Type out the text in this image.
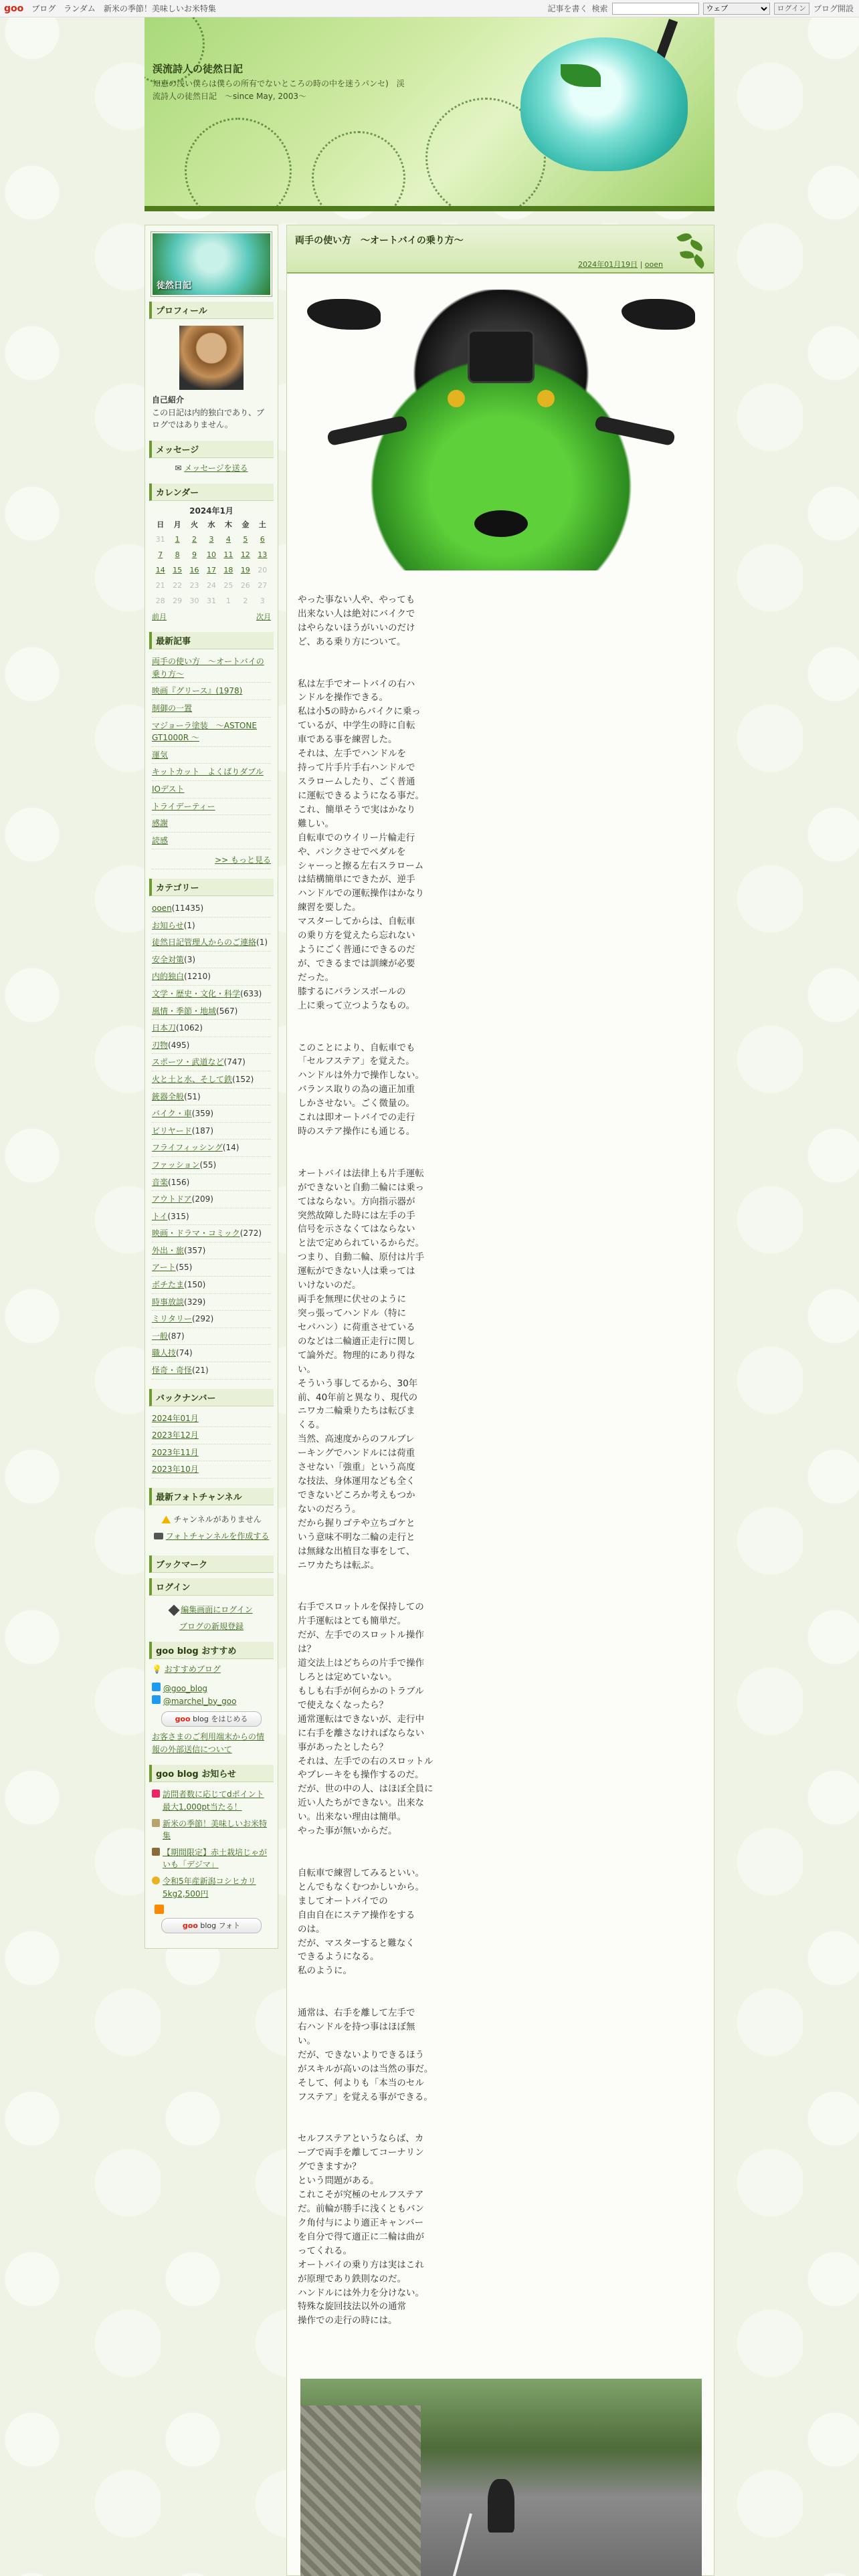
goo ブログ ランダム 新米の季節！美味しいお米特集	記事を書く 検索
ウェブ	ログイン ブログ開設
渓流詩人の徒然日記

知恵の浅い僕らは僕らの所有でないところの時の中を迷うパンセ)　渓流詩人の徒然日記　～since May, 2003～

徒然日記
プロフィール
自己紹介
この日記は内的独白であり、ブログではありません。
メッセージ
✉ メッセージを送る
カレンダー
2024年1月
日	月	火	水	木	金	土
31	1	2	3	4	5	6
7	8	9	10	11	12	13
14	15	16	17	18	19	20
21	22	23	24	25	26	27
28	29	30	31	1	2	3
前月	次月
最新記事
両手の使い方　～オートバイの乗り方～
映画『グリース』(1978)
制御の一置
マジョーラ塗装　～ASTONE GT1000R ～
運気
キットカット　よくばりダブル
IOデスト
トライデーティー
感謝
読感
>> もっと見る
カテゴリー
ooen(11435)
お知らせ(1)
徒然日記管理人からのご連絡(1)
安全対策(3)
内的独白(1210)
文学・歴史・文化・科学(633)
風情・季節・地域(567)
日本刀(1062)
刃物(495)
スポーツ・武道など(747)
火と土と水、そして鉄(152)
銃器全般(51)
バイク・車(359)
ビリヤード(187)
フライフィッシング(14)
ファッション(55)
音楽(156)
アウトドア(209)
トイ(315)
映画・ドラマ・コミック(272)
外出・旅(357)
アート(55)
ボチたま(150)
時事放談(329)
ミリタリー(292)
一般(87)
職人技(74)
怪奇・奇怪(21)
バックナンバー
2024年01月
2023年12月
2023年11月
2023年10月
最新フォトチャンネル
チャンネルがありません
フォトチャンネルを作成する
ブックマーク
ログイン
編集画面にログイン
ブログの新規登録
goo blog おすすめ
💡 おすすめブログ
@goo_blog
@marchel_by_goo
goo blog をはじめる
お客さまのご利用端末からの情報の外部送信について
goo blog お知らせ
訪問者数に応じてdポイント最大1,000pt当たる！
新米の季節！美味しいお米特集
【期間限定】赤土栽培じゃがいも「デジマ」
令和5年産新潟コシヒカリ5kg2,500円
goo blog フォト
両手の使い方　～オートバイの乗り方～
2024年01月19日 | ooen
やった事ない人や、やっても
出来ない人は絶対にバイクで
はやらないほうがいいのだけ
ど、ある乗り方について。

私は左手でオートバイの右ハ
ンドルを操作できる。
私は小5の時からバイクに乗っ
ているが、中学生の時に自転
車である事を練習した。
それは、左手でハンドルを
持って片手片手右ハンドルで
スラロームしたり、ごく普通
に運転できるようになる事だ。
これ、簡単そうで実はかなり
難しい。
自転車でのウイリー片輪走行
や、パンクさせでペダルを
シャーっと擦る左右スラローム
は結構簡単にできたが、逆手
ハンドルでの運転操作はかなり
練習を要した。
マスターしてからは、自転車
の乗り方を覚えたら忘れない
ようにごく普通にできるのだ
が、できるまでは訓練が必要
だった。
膝するにバランスボールの
上に乗って立つようなもの。

このことにより、自転車でも
「セルフステア」を覚えた。
ハンドルは外力で操作しない。
バランス取りの為の適正加重
しかさせない。ごく微量の。
これは即オートバイでの走行
時のステア操作にも通じる。

オートバイは法律上も片手運転
ができないと自動二輪には乗っ
てはならない。方向指示器が
突然故障した時には左手の手
信号を示さなくてはならない
と法で定められているからだ。
つまり、自動二輪、原付は片手
運転ができない人は乗っては
いけないのだ。
両手を無理に伏せのように
突っ張ってハンドル（特に
セパハン）に荷重させている
のなどは二輪適正走行に関し
て論外だ。物理的にあり得な
い。
そういう事してるから、30年
前、40年前と異なり、現代の
ニワカ二輪乗りたちは転びま
くる。
当然、高速度からのフルブレ
ーキングでハンドルには荷重
させない「強重」という高度
な技法、身体運用なども全く
できないどころか考えもつか
ないのだろう。
だから握りゴテや立ちゴケと
いう意味不明な二輪の走行と
は無縁な出植目な事をして、
ニワカたちは転ぶ。

右手でスロットルを保持しての
片手運転はとても簡単だ。
だが、左手でのスロットル操作
は？
道交法上はどちらの片手で操作
しろとは定めていない。
もしも右手が何らかのトラブル
で使えなくなったら？
通常運転はできないが、走行中
に右手を離さなければならない
事があったとしたら？
それは、左手での右のスロットル
やブレーキをも操作するのだ。
だが、世の中の人、はほぼ全員に
近い人たちができない。出来な
い。出来ない理由は簡単。
やった事が無いからだ。

自転車で練習してみるといい。
とんでもなくむつかしいから。
ましてオートバイでの
自由自在にステア操作をする
のは。
だが、マスターすると難なく
できるようになる。
私のように。

通常は、右手を離して左手で
右ハンドルを持つ事はほぼ無
い。
だが、できないよりできるほう
がスキルが高いのは当然の事だ。
そして、何よりも「本当のセル
フステア」を覚える事ができる。

セルフステアというならば、カ
ーブで両手を離してコーナリン
グできますか？
という問題がある。
これこそが究極のセルフステア
だ。前輪が勝手に浅くともバン
ク角付与により適正キャンバー
を自分で得て適正に二輪は曲が
ってくれる。
オートバイの乗り方は実はこれ
が原理であり鉄則なのだ。
ハンドルには外力を分けない。
特殊な旋回技法以外の通常
操作での走行の時には。
